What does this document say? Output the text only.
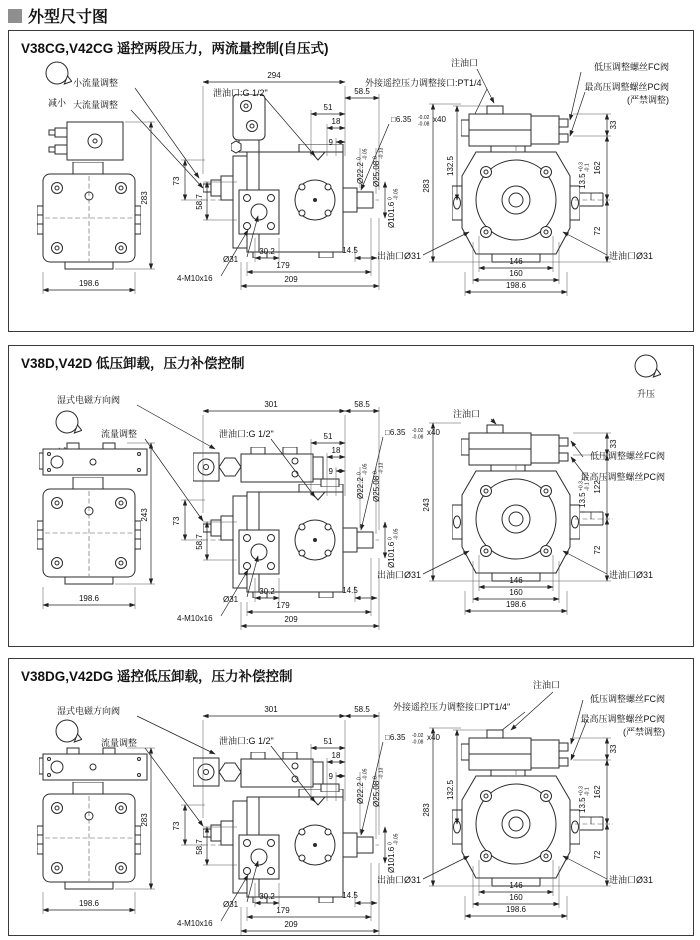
外型尺寸图
V38CG,V42CG 遥控两段压力，两流量控制(自压式)
减小
小流量调整
大流量调整
283
198.6
泄油口:G 1/2"
294
58.5
51
18
9
□6.35 -0.02
-0.08
x40
Ø22.2
0 -0.05
Ø25.08
0 -0.13
Ø101.6
0 -0.05
外接遥控压力调整接口:PT1/4
73
58.7
Ø31
4-M10x16
30.2
179
209
14.5
注油口	低压调整螺丝FC阀
最高压调整螺丝PC阀
(严禁调整)
283
132.5
33
162
72
13.5
+0.3 -0.1
146
160
198.6
出油口Ø31	进油口Ø31
V38D,V42D 低压卸载，压力补偿控制
升压
湿式电磁方向阀
流量调整
243
198.6
泄油口:G 1/2"
301	58.5
51
18
9
□6.35 -0.02
-0.08
x40
Ø22.2
0 -0.05
Ø25.08
0 -0.13
Ø101.6
0 -0.05
73
58.7
Ø31
4-M10x16
30.2
179
209
14.5
注油口
低压调整螺丝FC阀
最高压调整螺丝PC阀
243
33
122
72
13.5
+0.3 -0.1
146
160
198.6
出油口Ø31	进油口Ø31
V38DG,V42DG 遥控低压卸载，压力补偿控制
湿式电磁方向阀
流量调整
283
198.6
泄油口:G 1/2"
301	58.5
51
18
9
□6.35 -0.02
-0.08
x40
Ø22.2
0 -0.05
Ø25.08
0 -0.13
Ø101.6
0 -0.05
外接遥控压力调整接口PT1/4"
73
58.7
Ø31
4-M10x16
30.2
179
209
14.5
注油口
低压调整螺丝FC阀
最高压调整螺丝PC阀
(严禁调整)
283
132.5
33
162
72
13.5
+0.3 -0.1
146
160
198.6
出油口Ø31	进油口Ø31
